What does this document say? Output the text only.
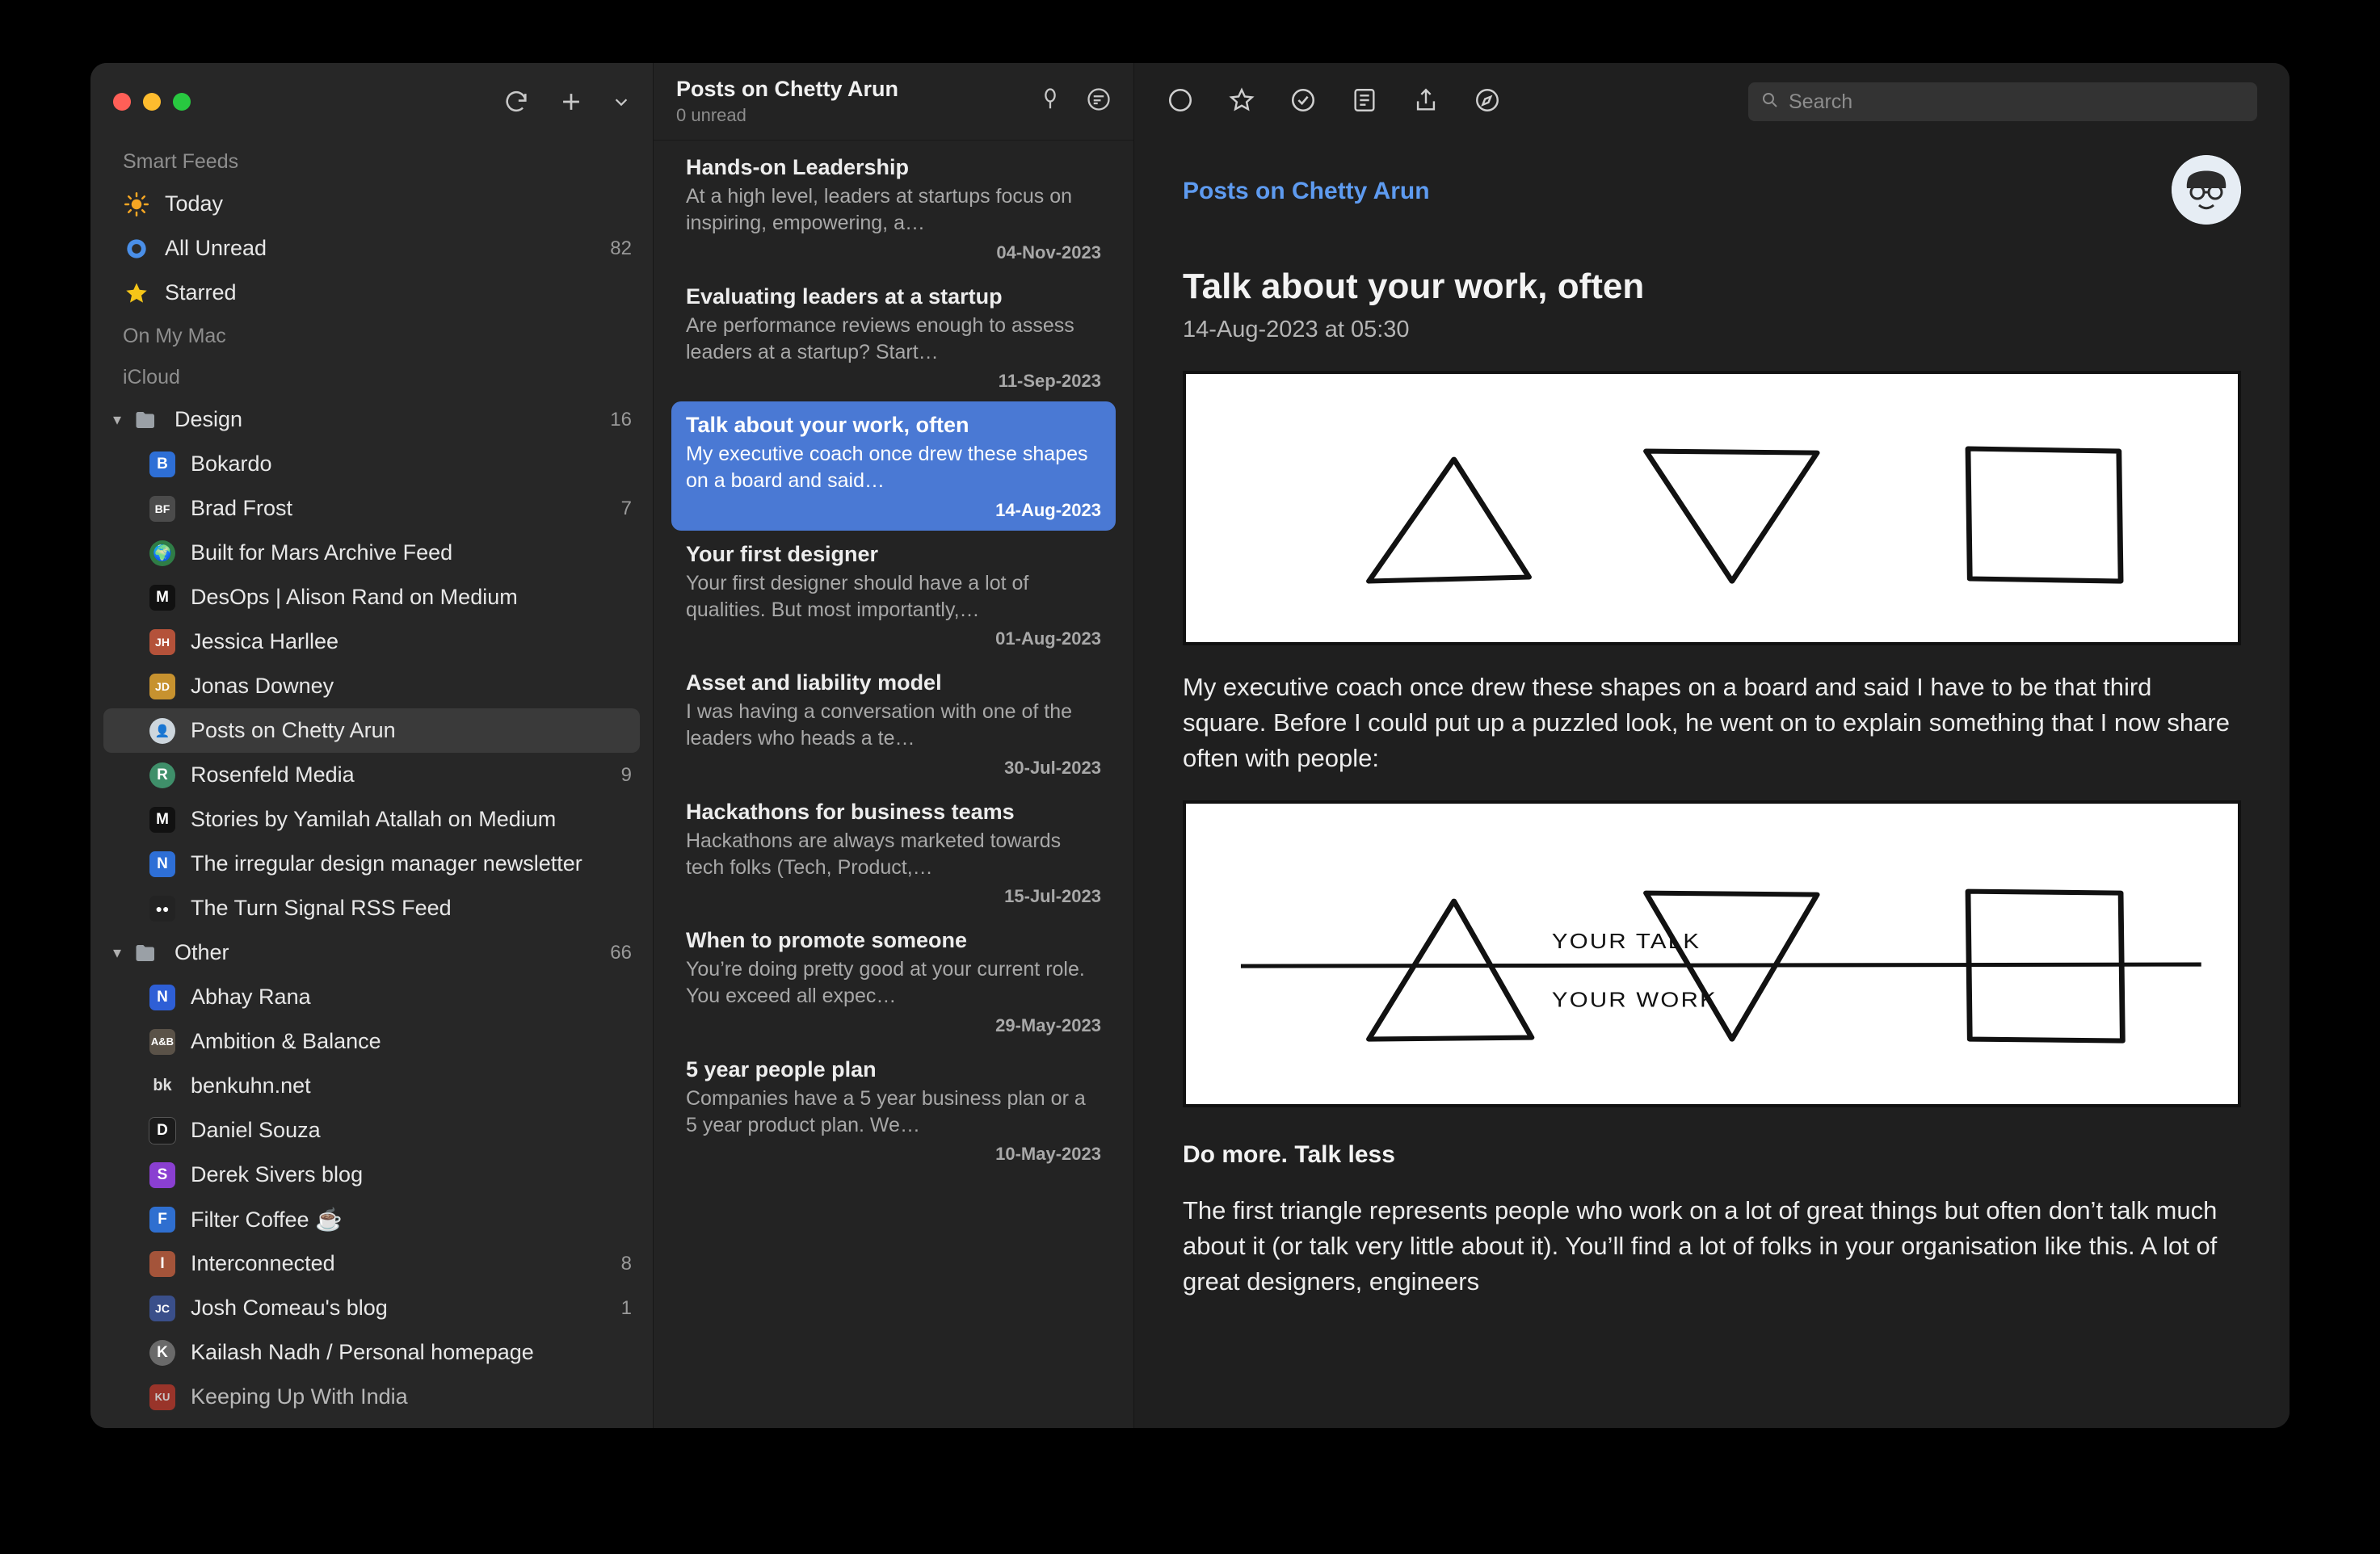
Smart Feeds
Today
All Unread	82
Starred
On My Mac
iCloud
▾ Design	16
B	Bokardo
BF Brad Frost	7
🌍 Built for Mars Archive Feed
M DesOps | Alison Rand on Medium
JH Jessica Harllee
JD Jonas Downey
👤 Posts on Chetty Arun
R	Rosenfeld Media	9
M Stories by Yamilah Atallah on Medium
N	The irregular design manager newsletter
●● The Turn Signal RSS Feed
▾ Other	66
N	Abhay Rana
A&B Ambition & Balance
bk benkuhn.net
D	Daniel Souza
S	Derek Sivers blog
F	Filter Coffee ☕
I	Interconnected	8
JC Josh Comeau's blog	1
K	Kailash Nadh / Personal homepage
KU Keeping Up With India
Posts on Chetty Arun
0 unread
Hands-on Leadership
At a high level, leaders at startups focus on inspiring, empowering, a…
04-Nov-2023
Evaluating leaders at a startup
Are performance reviews enough to assess leaders at a startup? Start…
11-Sep-2023
Talk about your work, often
My executive coach once drew these shapes on a board and said…
14-Aug-2023
Your first designer
Your first designer should have a lot of qualities. But most importantly,…
01-Aug-2023
Asset and liability model
I was having a conversation with one of the leaders who heads a te…
30-Jul-2023
Hackathons for business teams
Hackathons are always marketed towards tech folks (Tech, Product,…
15-Jul-2023
When to promote someone
You’re doing pretty good at your current role. You exceed all expec…
29-May-2023
5 year people plan
Companies have a 5 year business plan or a 5 year product plan. We…
10-May-2023
Search
Posts on Chetty Arun
Talk about your work, often
14-Aug-2023 at 05:30
My executive coach once drew these shapes on a board and said I have to be that third square. Before I could put up a puzzled look, he went on to explain something that I now share often with people:
YOUR TALK
YOUR WORK
Do more. Talk less
The first triangle represents people who work on a lot of great things but often don’t talk much about it (or talk very little about it). You’ll find a lot of folks in your organisation like this. A lot of great designers, engineers
